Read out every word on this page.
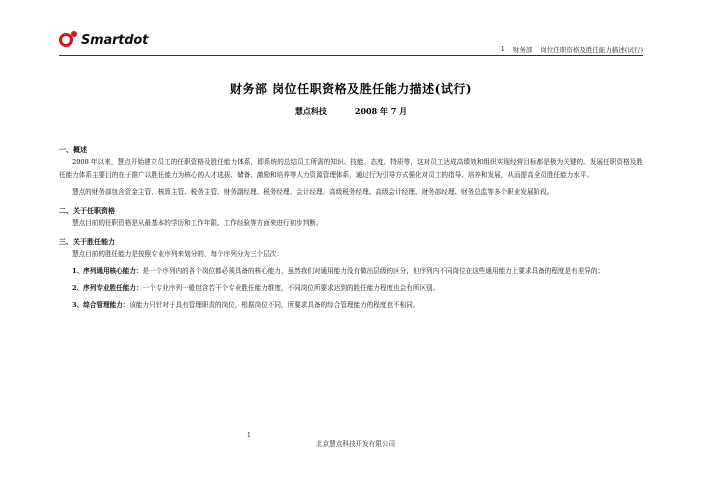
Smartdot
1 财务部 岗位任职资格及胜任能力描述(试行)
财务部 岗位任职资格及胜任能力描述(试行)
慧点科技	2008 年 7 月

一、概述

2008 年以来，慧点开始建立员工的任职资格及胜任能力体系，即系统的总结员工所需的知识、技能、态度、特质等，这对员工达成高绩效和组织实现经营目标都是极为关键的。发展任职资格及胜任能力体系主要目的在于推广以胜任能力为核心的人才选拔、储备、激励和培养等人力资源管理体系，通过行为引导方式强化对员工的指导、培养和发展，从而提高全员胜任能力水平。

慧点的财务部包含资金主管、核算主管、税务主管、财务副经理、税务经理、会计经理、高级税务经理、高级会计经理、财务部经理、财务总监等多个职业发展阶段。

二、关于任职资格

慧点目前的任职资格是从最基本的学历和工作年限、工作经验等方面来进行初步判断。

三、关于胜任能力

慧点目前的胜任能力是按照专业序列来划分的，每个序列分为三个层次：

1、序列通用核心能力：是一个序列内的各个岗位都必须具备的核心能力，虽然我们对通用能力没有做出层级的区分，但序列内不同岗位在这些通用能力上要求具备的程度是有差异的；

2、序列专业胜任能力：一个专业序列一般包含若干个专业胜任能力维度，不同岗位所要求达到的胜任能力程度也会有所区别。

3、综合管理能力：该能力只针对于具有管理职责的岗位，根据岗位不同，所要求具备的综合管理能力的程度也不相同。

1
北京慧点科技开发有限公司
